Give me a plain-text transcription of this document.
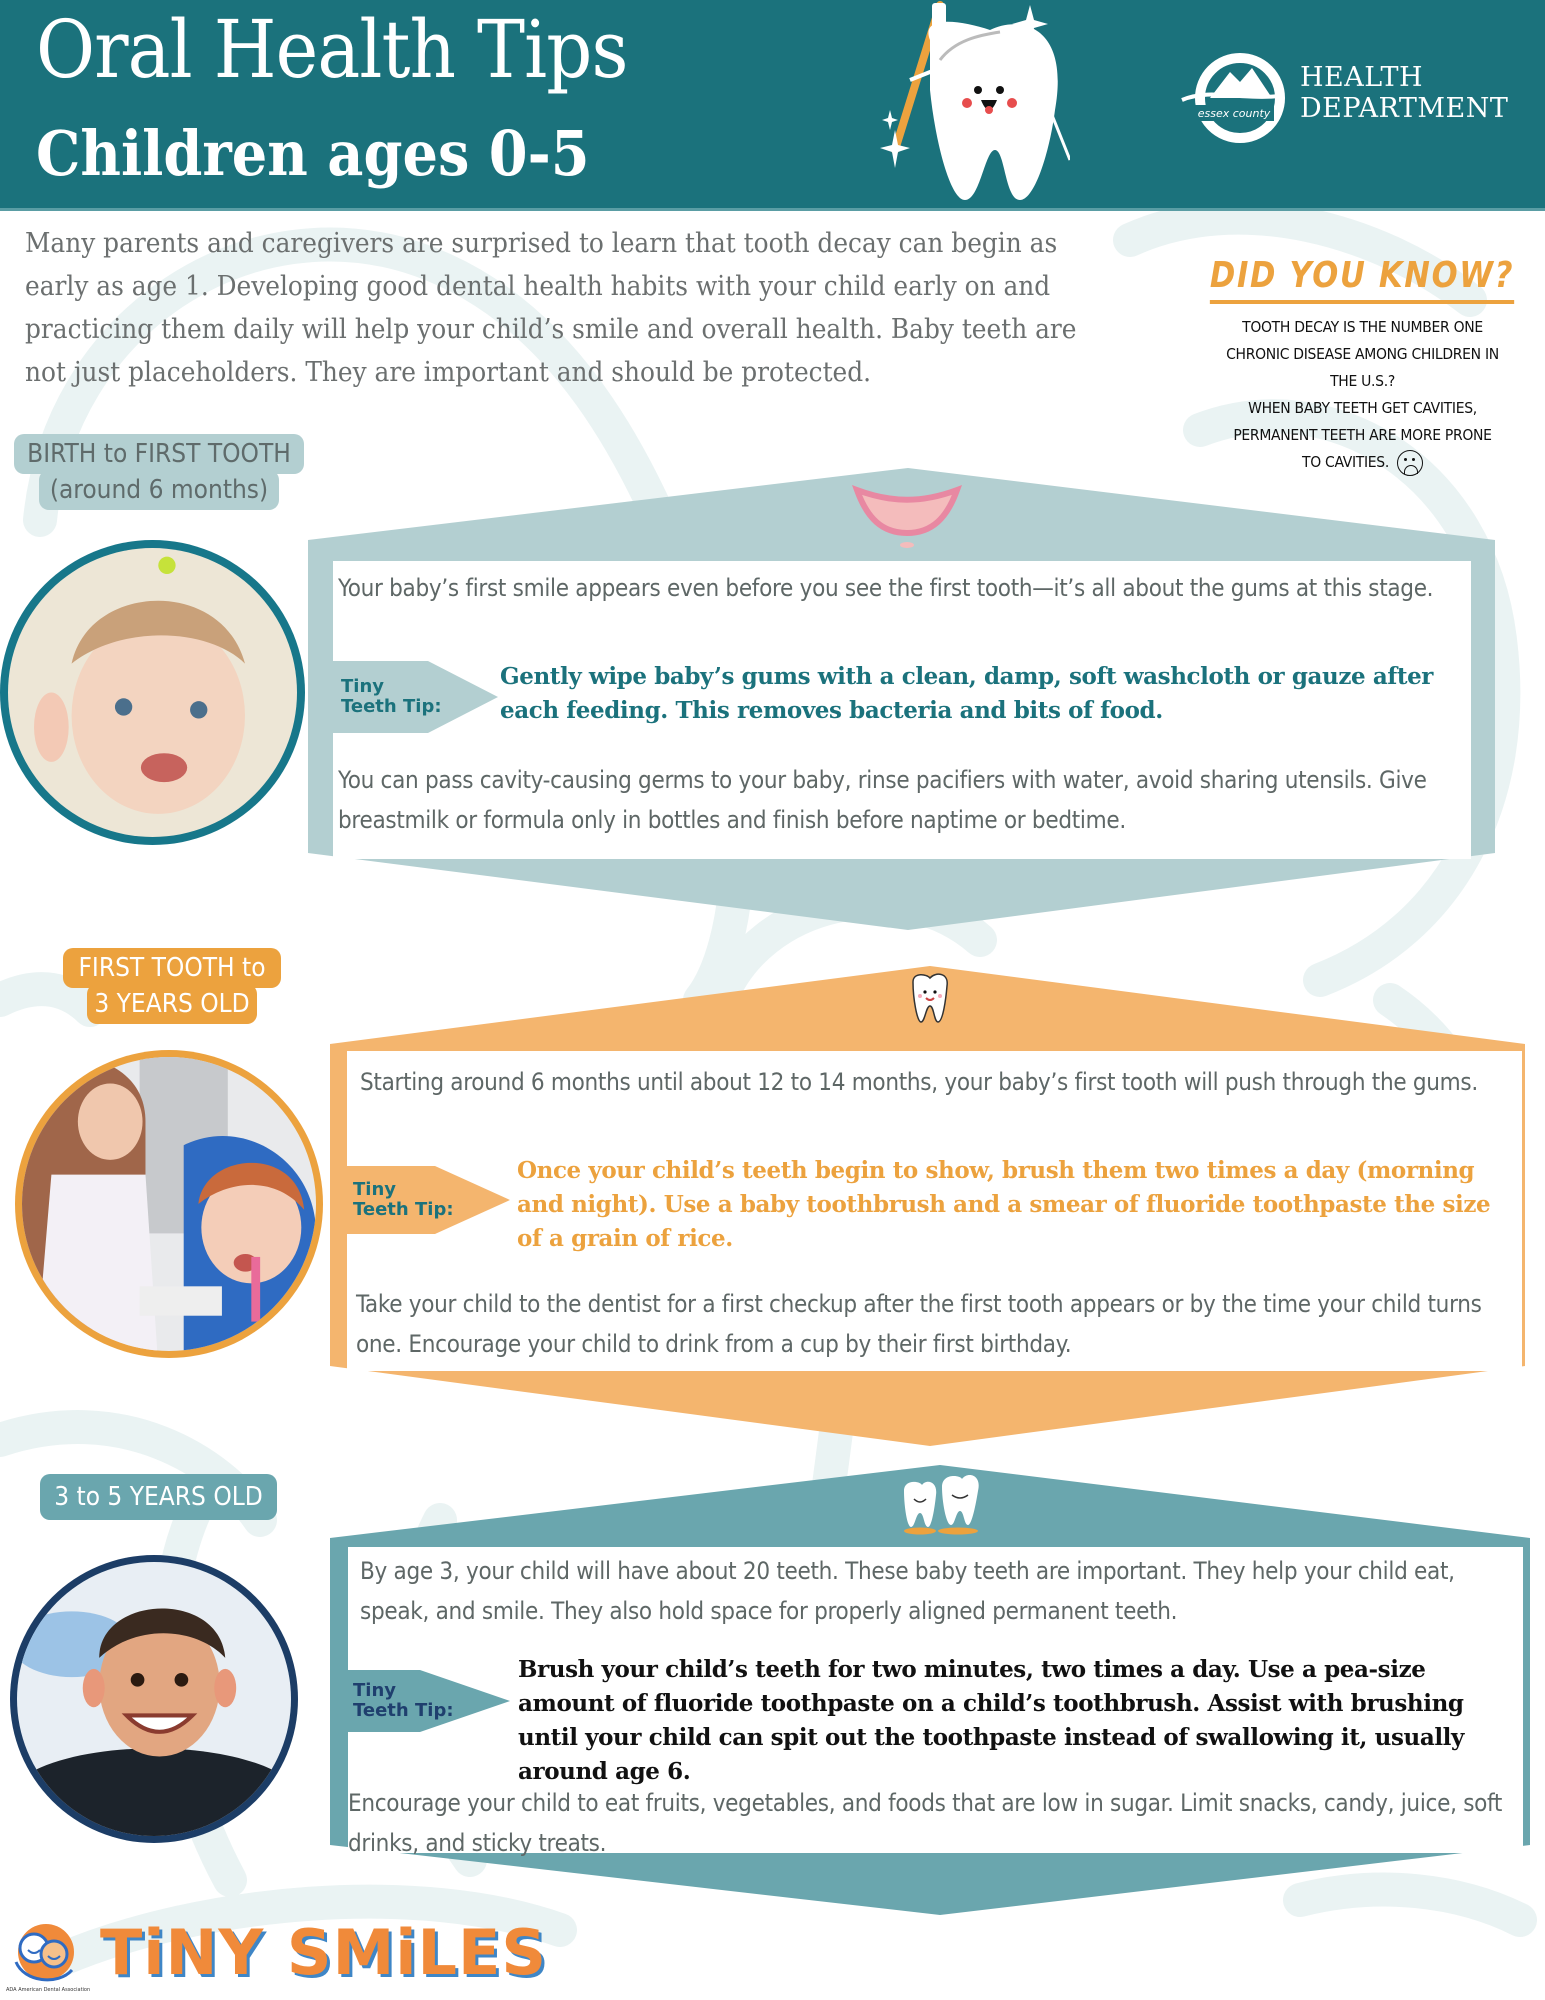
Oral Health Tips
Children ages 0-5
essex county
HEALTH
DEPARTMENT

Many parents and caregivers are surprised to learn that tooth decay can begin as early as age 1. Developing good dental health habits with your child early on and practicing them daily will help your child’s smile and overall health. Baby teeth are not just placeholders. They are important and should be protected.

DID YOU KNOW?
TOOTH DECAY IS THE NUMBER ONE
CHRONIC DISEASE AMONG CHILDREN IN
THE U.S.?
WHEN BABY TEETH GET CAVITIES,
PERMANENT TEETH ARE MORE PRONE
TO CAVITIES.
BIRTH to FIRST TOOTH
(around 6 months)

Your baby’s first smile appears even before you see the first tooth—it’s all about the gums at this stage.

Tiny
Teeth Tip:

Gently wipe baby’s gums with a clean, damp, soft washcloth or gauze after each feeding. This removes bacteria and bits of food.

You can pass cavity-causing germs to your baby, rinse pacifiers with water, avoid sharing utensils. Give breastmilk or formula only in bottles and finish before naptime or bedtime.

FIRST TOOTH to
3 YEARS OLD

Starting around 6 months until about 12 to 14 months, your baby’s first tooth will push through the gums.

Tiny
Teeth Tip:

Once your child’s teeth begin to show, brush them two times a day (morning and night). Use a baby toothbrush and a smear of fluoride toothpaste the size of a grain of rice.

Take your child to the dentist for a first checkup after the first tooth appears or by the time your child turns one. Encourage your child to drink from a cup by their first birthday.

3 to 5 YEARS OLD

By age 3, your child will have about 20 teeth. These baby teeth are important. They help your child eat, speak, and smile. They also hold space for properly aligned permanent teeth.

Tiny
Teeth Tip:

Brush your child’s teeth for two minutes, two times a day. Use a pea-size amount of fluoride toothpaste on a child’s toothbrush. Assist with brushing until your child can spit out the toothpaste instead of swallowing it, usually around age 6.

Encourage your child to eat fruits, vegetables, and foods that are low in sugar. Limit snacks, candy, juice, soft drinks, and sticky treats.

ADA American Dental Association
TiNY SMiLES
